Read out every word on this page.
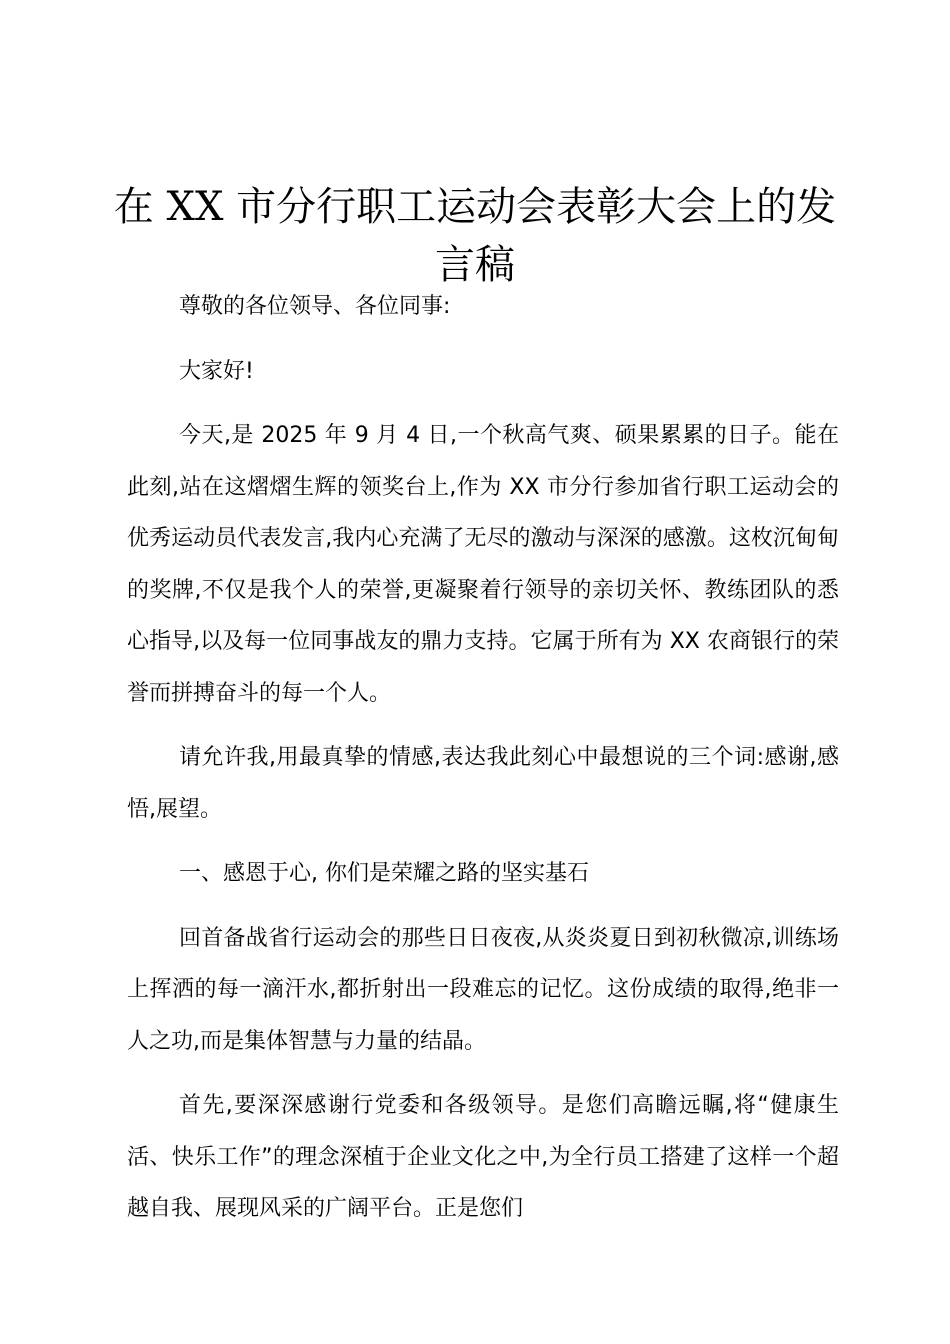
在 XX 市分行职工运动会表彰大会上的发言稿

尊敬的各位领导、各位同事:

大家好!

今天,是 2025 年 9 月 4 日,一个秋高气爽、硕果累累的日子。能在此刻,站在这熠熠生辉的领奖台上,作为 XX 市分行参加省行职工运动会的优秀运动员代表发言,我内心充满了无尽的激动与深深的感激。这枚沉甸甸的奖牌,不仅是我个人的荣誉,更凝聚着行领导的亲切关怀、教练团队的悉心指导,以及每一位同事战友的鼎力支持。它属于所有为 XX 农商银行的荣誉而拼搏奋斗的每一个人。

请允许我,用最真挚的情感,表达我此刻心中最想说的三个词:感谢,感悟,展望。

一、感恩于心, 你们是荣耀之路的坚实基石

回首备战省行运动会的那些日日夜夜,从炎炎夏日到初秋微凉,训练场上挥洒的每一滴汗水,都折射出一段难忘的记忆。这份成绩的取得,绝非一人之功,而是集体智慧与力量的结晶。

首先,要深深感谢行党委和各级领导。是您们高瞻远瞩,将“健康生活、快乐工作”的理念深植于企业文化之中,为全行员工搭建了这样一个超越自我、展现风采的广阔平台。正是您们
